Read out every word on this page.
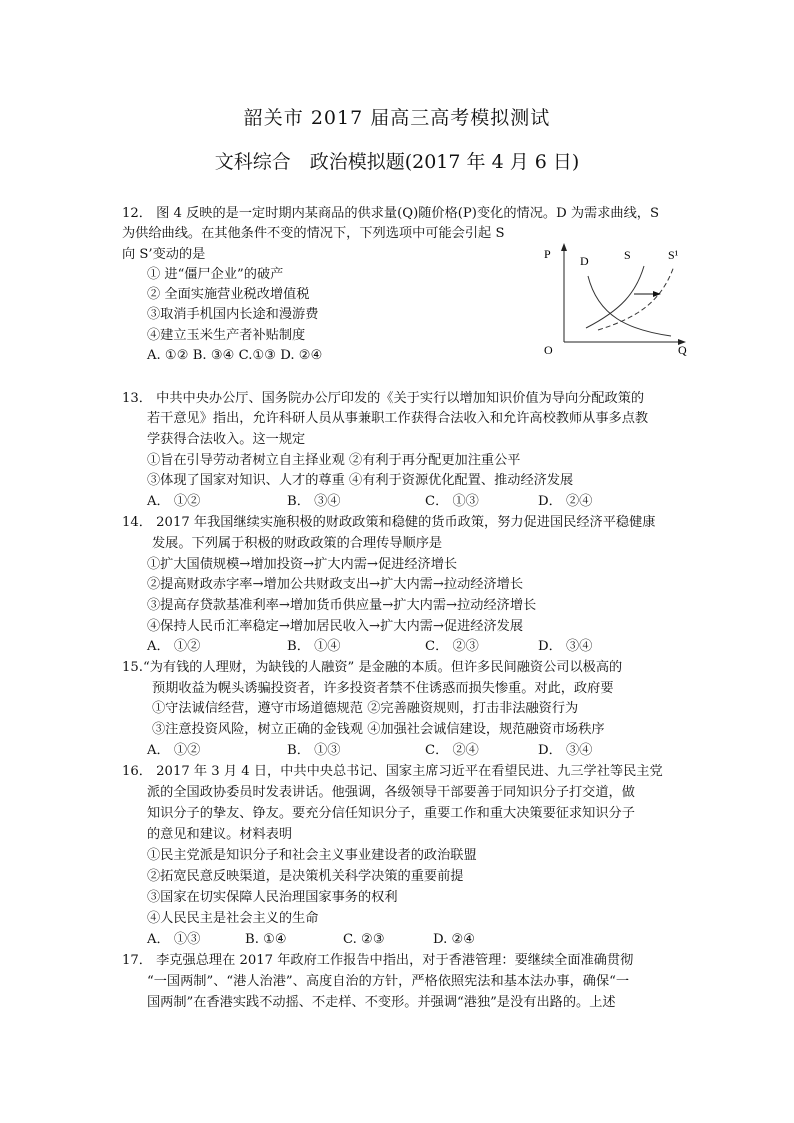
韶关市 2017 届高三高考模拟测试
文科综合　政治模拟题(2017 年 4 月 6 日)
12． 图 4 反映的是一定时期内某商品的供求量(Q)随价格(P)变化的情况。D 为需求曲线，S
为供给曲线。在其他条件不变的情况下，下列选项中可能会引起 S
向 S’变动的是
① 进“僵尸企业”的破产
② 全面实施营业税改增值税
③取消手机国内长途和漫游费
④建立玉米生产者补贴制度
A. ①② B. ③④ C.①③ D. ②④
P
Q
O
D	S	S¹
13． 中共中央办公厅、国务院办公厅印发的《关于实行以增加知识价值为导向分配政策的
若干意见》指出，允许科研人员从事兼职工作获得合法收入和允许高校教师从事多点教
学获得合法收入。这一规定
①旨在引导劳动者树立自主择业观 ②有利于再分配更加注重公平
③体现了国家对知识、人才的尊重 ④有利于资源优化配置、推动经济发展
A． ①②	B． ③④	C． ①③	D． ②④
14． 2017 年我国继续实施积极的财政政策和稳健的货币政策，努力促进国民经济平稳健康
发展。下列属于积极的财政政策的合理传导顺序是
①扩大国债规模→增加投资→扩大内需→促进经济增长
②提高财政赤字率→增加公共财政支出→扩大内需→拉动经济增长
③提高存贷款基准利率→增加货币供应量→扩大内需→拉动经济增长
④保持人民币汇率稳定→增加居民收入→扩大内需→促进经济发展
A． ①②	B． ①④	C． ②③	D． ③④
15.“为有钱的人理财，为缺钱的人融资” 是金融的本质。但许多民间融资公司以极高的
预期收益为幌头诱骗投资者，许多投资者禁不住诱惑而损失惨重。对此，政府要
①守法诚信经营，遵守市场道德规范 ②完善融资规则，打击非法融资行为
③注意投资风险，树立正确的金钱观 ④加强社会诚信建设，规范融资市场秩序
A． ①②	B． ①③	C． ②④	D． ③④
16． 2017 年 3 月 4 日，中共中央总书记、国家主席习近平在看望民进、九三学社等民主党
派的全国政协委员时发表讲话。他强调，各级领导干部要善于同知识分子打交道，做
知识分子的挚友、铮友。要充分信任知识分子，重要工作和重大决策要征求知识分子
的意见和建议。材料表明
①民主党派是知识分子和社会主义事业建设者的政治联盟
②拓宽民意反映渠道，是决策机关科学决策的重要前提
③国家在切实保障人民治理国家事务的权利
④人民民主是社会主义的生命
A． ①③	B. ①④	C. ②③	D. ②④
17． 李克强总理在 2017 年政府工作报告中指出，对于香港管理：要继续全面准确贯彻
“一国两制”、“港人治港”、高度自治的方针，严格依照宪法和基本法办事，确保“一
国两制”在香港实践不动摇、不走样、不变形。并强调“港独”是没有出路的。上述
